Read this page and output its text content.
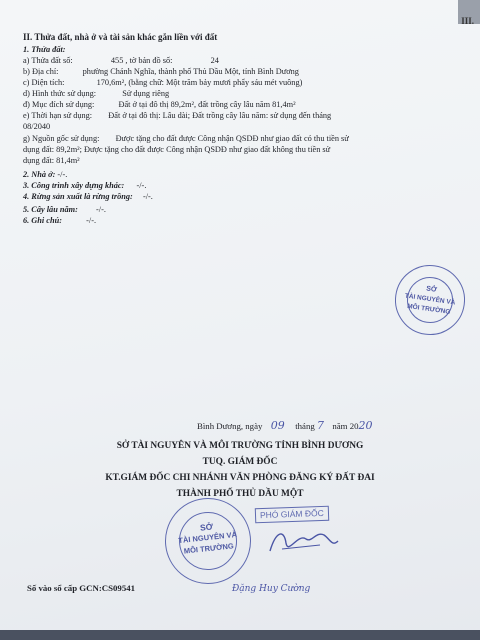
III.
II. Thửa đất, nhà ở và tài sản khác gắn liền với đất
1. Thửa đất:
a) Thửa đất số:	455 , tờ bản đồ số:	24
b) Địa chỉ:	phường Chánh Nghĩa, thành phố Thủ Dầu Một, tỉnh Bình Dương
c) Diện tích:	170,6m², (bằng chữ: Một trăm bảy mươi phẩy sáu mét vuông)
d) Hình thức sử dụng:	Sử dụng riêng
đ) Mục đích sử dụng:	Đất ở tại đô thị 89,2m², đất trồng cây lâu năm 81,4m²
e) Thời hạn sử dụng: Đất ở tại đô thị: Lâu dài; Đất trồng cây lâu năm: sử dụng đến tháng
08/2040
g) Nguồn gốc sử dụng: Được tặng cho đất được Công nhận QSDĐ như giao đất có thu tiền sử
dụng đất: 89,2m²; Được tặng cho đất được Công nhận QSDĐ như giao đất không thu tiền sử
dụng đất: 81,4m²
2. Nhà ở: -/-.
3. Công trình xây dựng khác: -/-.
4. Rừng sản xuất là rừng trồng: -/-.
5. Cây lâu năm: -/-.
6. Ghi chú:	-/-.
SỞ
TÀI NGUYÊN VÀ
MÔI TRƯỜNG
Bình Dương, ngày 09 tháng 7 năm 2020
SỞ TÀI NGUYÊN VÀ MÔI TRƯỜNG TỈNH BÌNH DƯƠNG
TUQ. GIÁM ĐỐC
KT.GIÁM ĐỐC CHI NHÁNH VĂN PHÒNG ĐĂNG KÝ ĐẤT ĐAI
THÀNH PHỐ THỦ DẦU MỘT
PHÓ GIÁM ĐỐC
SỞ
TÀI NGUYÊN VÀ
MÔI TRƯỜNG
Đặng Huy Cường
Số vào sổ cấp GCN:CS09541
